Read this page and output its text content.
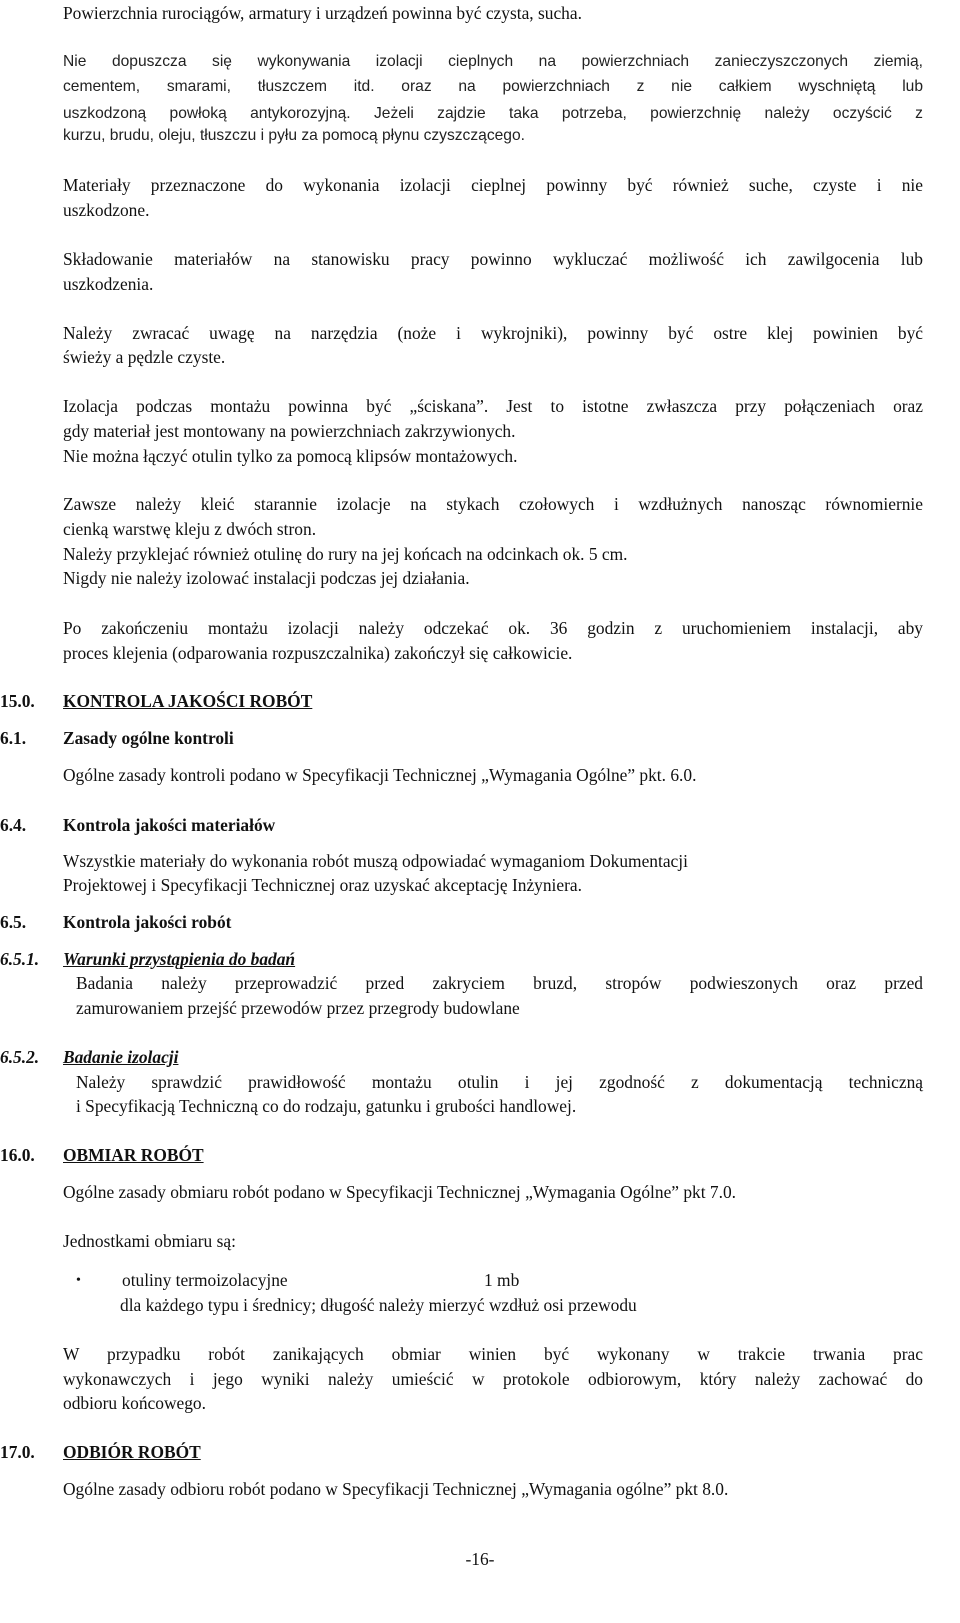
Powierzchnia rurociągów, armatury i urządzeń powinna być czysta, sucha.

Nie dopuszcza się wykonywania izolacji cieplnych na powierzchniach zanieczyszczonych ziemią,

cementem, smarami, tłuszczem itd. oraz na powierzchniach z nie całkiem wyschniętą lub

uszkodzoną powłoką antykorozyjną. Jeżeli zajdzie taka potrzeba, powierzchnię należy oczyścić z

kurzu, brudu, oleju, tłuszczu i pyłu za pomocą płynu czyszczącego.

Materiały przeznaczone do wykonania izolacji cieplnej powinny być również suche, czyste i nie

uszkodzone.

Składowanie materiałów na stanowisku pracy powinno wykluczać możliwość ich zawilgocenia lub

uszkodzenia.

Należy zwracać uwagę na narzędzia (noże i wykrojniki), powinny być ostre klej powinien być

świeży a pędzle czyste.

Izolacja podczas montażu powinna być „ściskana”. Jest to istotne zwłaszcza przy połączeniach oraz

gdy materiał jest montowany na powierzchniach zakrzywionych.

Nie można łączyć otulin tylko za pomocą klipsów montażowych.

Zawsze należy kleić starannie izolacje na stykach czołowych i wzdłużnych nanosząc równomiernie

cienką warstwę kleju z dwóch stron.

Należy przyklejać również otulinę do rury na jej końcach na odcinkach ok. 5 cm.

Nigdy nie należy izolować instalacji podczas jej działania.

Po zakończeniu montażu izolacji należy odczekać ok. 36 godzin z uruchomieniem instalacji, aby

proces klejenia (odparowania rozpuszczalnika) zakończył się całkowicie.

15.0. KONTROLA JAKOŚCI ROBÓT
6.1. Zasady ogólne kontroli

Ogólne zasady kontroli podano w Specyfikacji Technicznej „Wymagania Ogólne” pkt. 6.0.

6.4. Kontrola jakości materiałów

Wszystkie materiały do wykonania robót muszą odpowiadać wymaganiom Dokumentacji

Projektowej i Specyfikacji Technicznej oraz uzyskać akceptację Inżyniera.

6.5. Kontrola jakości robót
6.5.1. Warunki przystąpienia do badań

Badania należy przeprowadzić przed zakryciem bruzd, stropów podwieszonych oraz przed

zamurowaniem przejść przewodów przez przegrody budowlane

6.5.2. Badanie izolacji

Należy sprawdzić prawidłowość montażu otulin i jej zgodność z dokumentacją techniczną

i Specyfikacją Techniczną co do rodzaju, gatunku i grubości handlowej.

16.0. OBMIAR ROBÓT

Ogólne zasady obmiaru robót podano w Specyfikacji Technicznej „Wymagania Ogólne” pkt 7.0.

Jednostkami obmiaru są:

• otuliny termoizolacyjne	1 mb

dla każdego typu i średnicy; długość należy mierzyć wzdłuż osi przewodu

W przypadku robót zanikających obmiar winien być wykonany w trakcie trwania prac

wykonawczych i jego wyniki należy umieścić w protokole odbiorowym, który należy zachować do

odbioru końcowego.

17.0. ODBIÓR ROBÓT

Ogólne zasady odbioru robót podano w Specyfikacji Technicznej „Wymagania ogólne” pkt 8.0.

-16-
